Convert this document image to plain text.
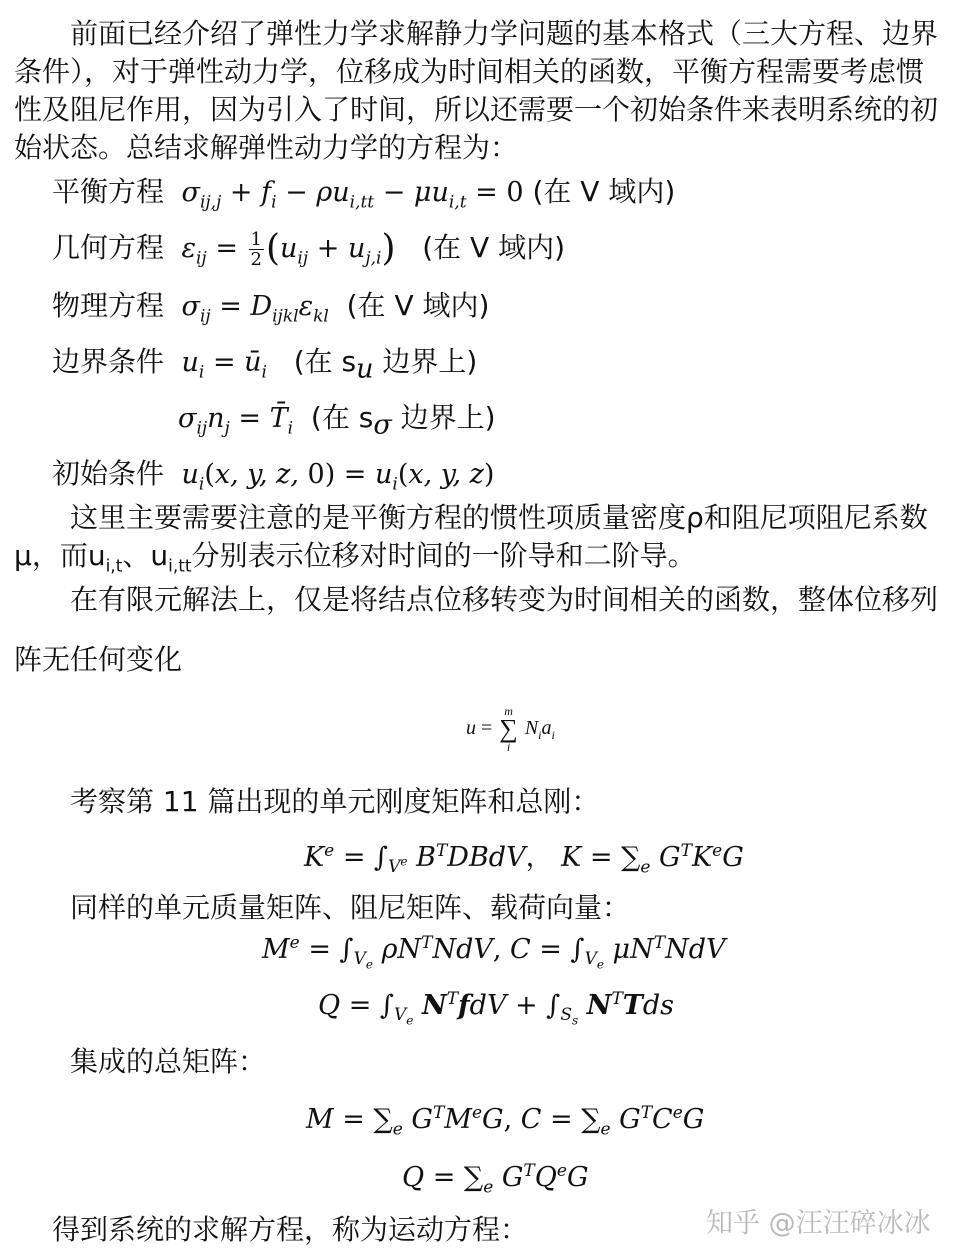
前面已经介绍了弹性力学求解静力学问题的基本格式（三大方程、边界
条件），对于弹性动力学，位移成为时间相关的函数，平衡方程需要考虑惯
性及阻尼作用，因为引入了时间，所以还需要一个初始条件来表明系统的初
始状态。总结求解弹性动力学的方程为：
平衡方程  $\sigma_{ij,j} + f_i - \rho u_{i,tt} - \mu u_{i,t} = 0$ (在 V 域内)
几何方程  $\varepsilon_{ij} = \frac{1}{2} (u_{ij} + u_{j,i})$ (在 V 域内)
物理方程  $\sigma_{ij} = D_{ijkl}\varepsilon_{kl}$ (在 V 域内)
边界条件  $u_i$ = $ū_i$ (在 $s_u$ 边界上)
$\sigma_{ij}n_j$ = $T̄_i$ (在 $s_\sigma$ 边界上)
初始条件  $u_i(x$, y, z, $0) = u_i(x$, y, z)
这里主要需要注意的是平衡方程的惯性项质量密度ρ和阻尼项阻尼系数
μ，而$u_{i,t}$、$u_{i,tt}$分别表示位移对时间的一阶导和二阶导。
在有限元解法上，仅是将结点位移转变为时间相关的函数，整体位移列
阵无任何变化
u =
m
∑
i
$N_ia_i$
考察第 11 篇出现的单元刚度矩阵和总刚：
$K^e = \int_{V^e}$ $B^TDBdV$， $K = \sum_e$ $G^TK^eG$
同样的单元质量矩阵、阻尼矩阵、载荷向量：
$M^e = \int_{V_e}$ $\rho N^TNdV$, $C = \int_{V_e}$ $\mu N^TNdV$
$Q = \int_{V_e}$ $N^TfdV + \int_{S_s}$ $N^TTds$
集成的总矩阵：
$M = \sum_e$ $G^TMeG$, $C = \sum_e$ $G^TCeG$
$Q = \sum_e$ $G^TQ^eG$
得到系统的求解方程，称为运动方程：	知乎 @汪汪碎冰冰
